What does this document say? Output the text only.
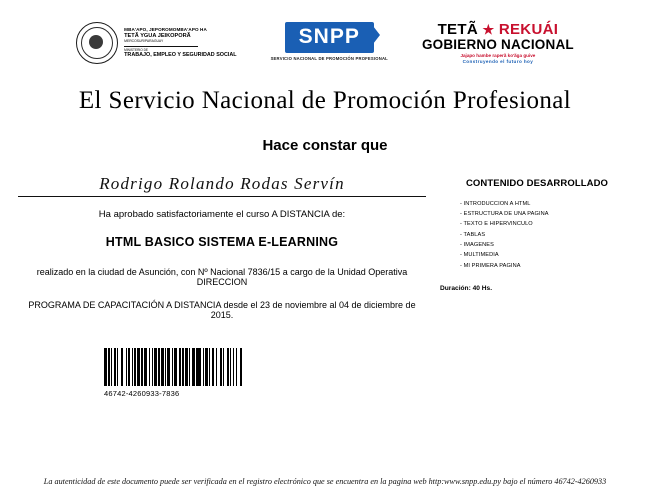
MBA'APO, JEPOROMOMBA'APO HA
TETÃ YGUA JEIKOPORÃ
MERCOSUR/PARAGUAY
MINISTERIO DE
TRABAJO, EMPLEO Y SEGURIDAD SOCIAL
SNPP
SERVICIO NACIONAL DE PROMOCIÓN PROFESIONAL
TETÃ ★ REKUÁI
GOBIERNO NACIONAL
Jajapo hambe raperã ko'ãga guive
Construyendo el futuro hoy
El Servicio Nacional de Promoción Profesional
Hace constar que
Rodrigo Rolando Rodas Servín
Ha aprobado satisfactoriamente el curso A DISTANCIA de:
HTML BASICO SISTEMA E-LEARNING
realizado en la ciudad de Asunción, con Nº Nacional 7836/15 a cargo de la Unidad Operativa DIRECCION
PROGRAMA DE CAPACITACIÓN A DISTANCIA desde el 23 de noviembre al 04 de diciembre de 2015.
CONTENIDO DESARROLLADO
- INTRODUCCION A HTML
- ESTRUCTURA DE UNA PAGINA
- TEXTO E HIPERVINCULO
- TABLAS
- IMAGENES
- MULTIMEDIA
- MI PRIMERA PAGINA
Duración: 40 Hs.
46742-4260933-7836
La autenticidad de este documento puede ser verificada en el registro electrónico que se encuentra en la pagina web http:www.snpp.edu.py bajo el número 46742-4260933
